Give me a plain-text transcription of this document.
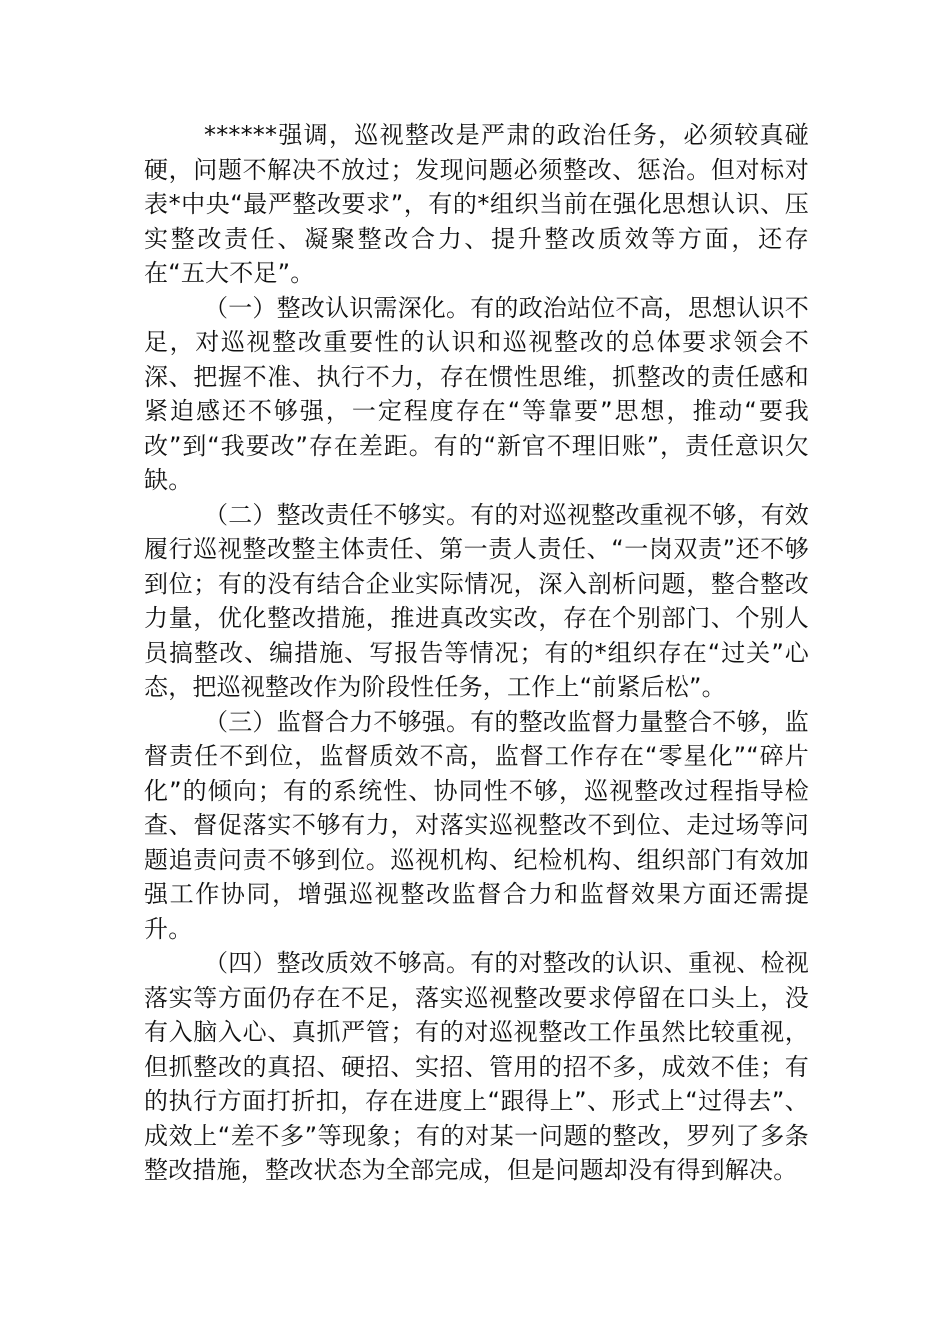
******强调，巡视整改是严肃的政治任务，必须较真碰硬，问题不解决不放过；发现问题必须整改、惩治。但对标对表*中央“最严整改要求”，有的*组织当前在强化思想认识、压实整改责任、凝聚整改合力、提升整改质效等方面，还存在“五大不足”。

（一）整改认识需深化。有的政治站位不高，思想认识不足，对巡视整改重要性的认识和巡视整改的总体要求领会不深、把握不准、执行不力，存在惯性思维，抓整改的责任感和紧迫感还不够强，一定程度存在“等靠要”思想，推动“要我改”到“我要改”存在差距。有的“新官不理旧账”，责任意识欠缺。

（二）整改责任不够实。有的对巡视整改重视不够，有效履行巡视整改整主体责任、第一责人责任、“一岗双责”还不够到位；有的没有结合企业实际情况，深入剖析问题，整合整改力量，优化整改措施，推进真改实改，存在个别部门、个别人员搞整改、编措施、写报告等情况；有的*组织存在“过关”心态，把巡视整改作为阶段性任务，工作上“前紧后松”。

（三）监督合力不够强。有的整改监督力量整合不够，监督责任不到位，监督质效不高，监督工作存在“零星化”“碎片化”的倾向；有的系统性、协同性不够，巡视整改过程指导检查、督促落实不够有力，对落实巡视整改不到位、走过场等问题追责问责不够到位。巡视机构、纪检机构、组织部门有效加强工作协同，增强巡视整改监督合力和监督效果方面还需提升。

（四）整改质效不够高。有的对整改的认识、重视、检视落实等方面仍存在不足，落实巡视整改要求停留在口头上，没有入脑入心、真抓严管；有的对巡视整改工作虽然比较重视，但抓整改的真招、硬招、实招、管用的招不多，成效不佳；有的执行方面打折扣，存在进度上“跟得上”、形式上“过得去”、成效上“差不多”等现象；有的对某一问题的整改，罗列了多条整改措施，整改状态为全部完成，但是问题却没有得到解决。
